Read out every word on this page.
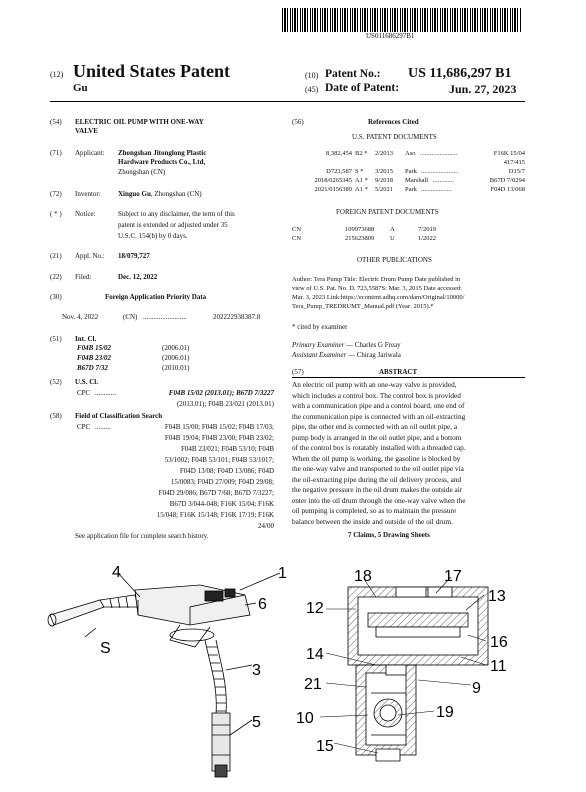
US011686297B1
(12) United States Patent
Gu
(10) Patent No.: US 11,686,297 B1
(45) Date of Patent:	Jun. 27, 2023
(54) ELECTRIC OIL PUMP WITH ONE-WAY
VALVE
(71) Applicant: Zhongshan Jitonglong Plastic
Hardware Products Co., Ltd,
Zhongshan (CN)
(72) Inventor: Xinguo Gu, Zhongshan (CN)
( * ) Notice:	Subject to any disclaimer, the term of this
patent is extended or adjusted under 35
U.S.C. 154(b) by 0 days.
(21) Appl. No.: 18/079,727
(22) Filed:	Dec. 12, 2022
(30)	Foreign Application Priority Data
Nov. 4, 2022	(CN) .........................	202222938387.8
(51) Int. Cl.
F04B 15/02	(2006.01)
F04B 23/02	(2006.01)
B67D 7/32	(2010.01)
(52) U.S. Cl.
CPC ............	F04B 15/02 (2013.01); B67D 7/3227
(2013.01); F04B 23/021 (2013.01)
(58) Field of Classification Search
CPC .........	F04B 15/00; F04B 15/02; F04B 17/03;
F04B 19/04; F04B 23/00; F04B 23/02;
F04B 23/021; F04B 53/10; F04B
53/1002; F04B 53/101; F04B 53/1017;
F04D 13/08; F04D 13/086; F04D
15/0083; F04D 27/009; F04D 29/08;
F04D 29/086; B67D 7/68; B67D 7/3227;
B67D 3/044-048; F16K 15/04; F16K
15/048; F16K 15/148; F16K 17/19; F16K
24/00
See application file for complete search history.
(56)	References Cited
U.S. PATENT DOCUMENTS
8,382,454 B2 * 2/2013 Aso .......................	F16K 15/04
417/415
D723,587 S * 3/2015 Park .......................	D15/7
2018/0265345 A1 * 9/2018 Marshall .............	B67D 7/0294
2021/0156389 A1 * 5/2021 Park ...................	F04D 13/068
FOREIGN PATENT DOCUMENTS
CN	109973688 A	7/2019
CN	215623809 U	1/2022
OTHER PUBLICATIONS
Author: Tera Pump Title: Electric Drum Pump Date published in
view of U.S. Pat. No. D. 723,5587S: Mar. 3, 2015 Date accessed:
Mar. 3, 2023 Link:https://econtent.adhq.com/dam/Original/10000/
Tera_Pump_TREDRUMT_Manual.pdf (Year: 2015).*
* cited by examiner
Primary Examiner — Charles G Freay
Assistant Examiner — Chirag Jariwala
(57)	ABSTRACT
An electric oil pump with an one-way valve is provided,
which includes a control box. The control box is provided
with a communication pipe and a control board, one end of
the communication pipe is connected with an oil-extracting
pipe, the other end is connected with an oil outlet pipe, a
pump body is arranged in the oil outlet pipe, and a bottom
of the control box is rotatably installed with a threaded cap.
When the oil pump is working, the gasoline is blocked by
the one-way valve and transported to the oil outlet pipe via
the oil-extracting pipe during the oil delivery process, and
the negative pressure in the oil drum makes the outside air
enter into the oil drum through the one-way valve when the
oil pumping is completed, so as to maintain the pressure
balance between the inside and outside of the oil drum.
7 Claims, 5 Drawing Sheets
4	1
6
S
3
5
18	17
12
13
16
14
11
21	9
10	19
15
